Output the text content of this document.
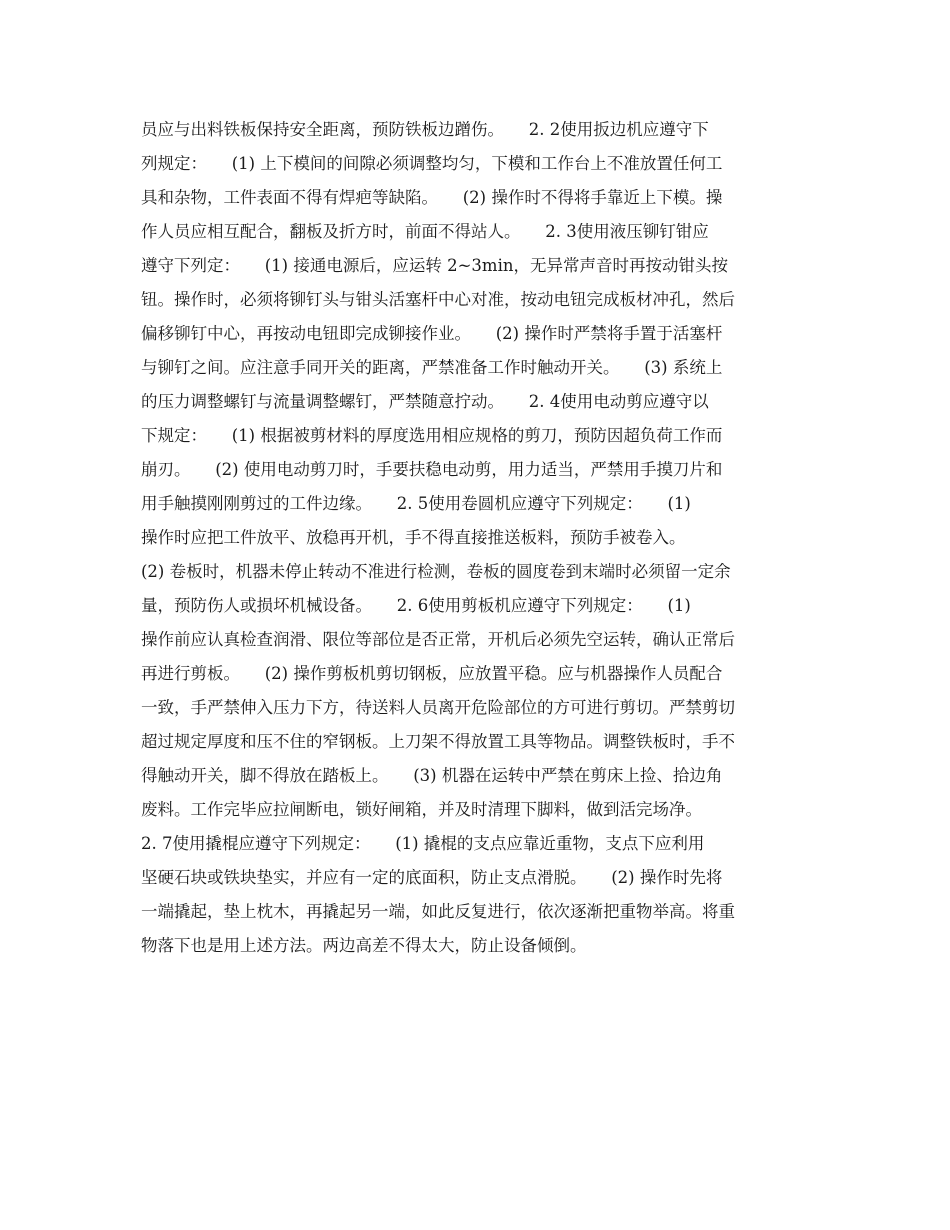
员应与出料铁板保持安全距离，预防铁板边蹭伤。　　2. 2使用扳边机应遵守下
列规定：　　(1) 上下模间的间隙必须调整均匀，下模和工作台上不准放置任何工
具和杂物，工件表面不得有焊疤等缺陷。　　(2) 操作时不得将手靠近上下模。操
作人员应相互配合，翻板及折方时，前面不得站人。　　2. 3使用液压铆钉钳应
遵守下列定：　　(1) 接通电源后，应运转 2~3min，无异常声音时再按动钳头按
钮。操作时，必须将铆钉头与钳头活塞杆中心对准，按动电钮完成板材冲孔，然后
偏移铆钉中心，再按动电钮即完成铆接作业。　　(2) 操作时严禁将手置于活塞杆
与铆钉之间。应注意手同开关的距离，严禁准备工作时触动开关。　　(3) 系统上
的压力调整螺钉与流量调整螺钉，严禁随意拧动。　　2. 4使用电动剪应遵守以
下规定：　　(1) 根据被剪材料的厚度选用相应规格的剪刀，预防因超负荷工作而
崩刃。　　(2) 使用电动剪刀时，手要扶稳电动剪，用力适当，严禁用手摸刀片和
用手触摸刚刚剪过的工件边缘。　　2. 5使用卷圆机应遵守下列规定：　　(1)
操作时应把工件放平、放稳再开机，手不得直接推送板料，预防手被卷入。
(2) 卷板时，机器未停止转动不准进行检测，卷板的圆度卷到末端时必须留一定余
量，预防伤人或损坏机械设备。　　2. 6使用剪板机应遵守下列规定：　　(1)
操作前应认真检查润滑、限位等部位是否正常，开机后必须先空运转，确认正常后
再进行剪板。　　(2) 操作剪板机剪切钢板，应放置平稳。应与机器操作人员配合
一致，手严禁伸入压力下方，待送料人员离开危险部位的方可进行剪切。严禁剪切
超过规定厚度和压不住的窄钢板。上刀架不得放置工具等物品。调整铁板时，手不
得触动开关，脚不得放在踏板上。　　(3) 机器在运转中严禁在剪床上捡、拾边角
废料。工作完毕应拉闸断电，锁好闸箱，并及时清理下脚料，做到活完场净。
2. 7使用撬棍应遵守下列规定：　　(1) 撬棍的支点应靠近重物，支点下应利用
坚硬石块或铁块垫实，并应有一定的底面积，防止支点滑脱。　　(2) 操作时先将
一端撬起，垫上枕木，再撬起另一端，如此反复进行，依次逐渐把重物举高。将重
物落下也是用上述方法。两边高差不得太大，防止设备倾倒。
